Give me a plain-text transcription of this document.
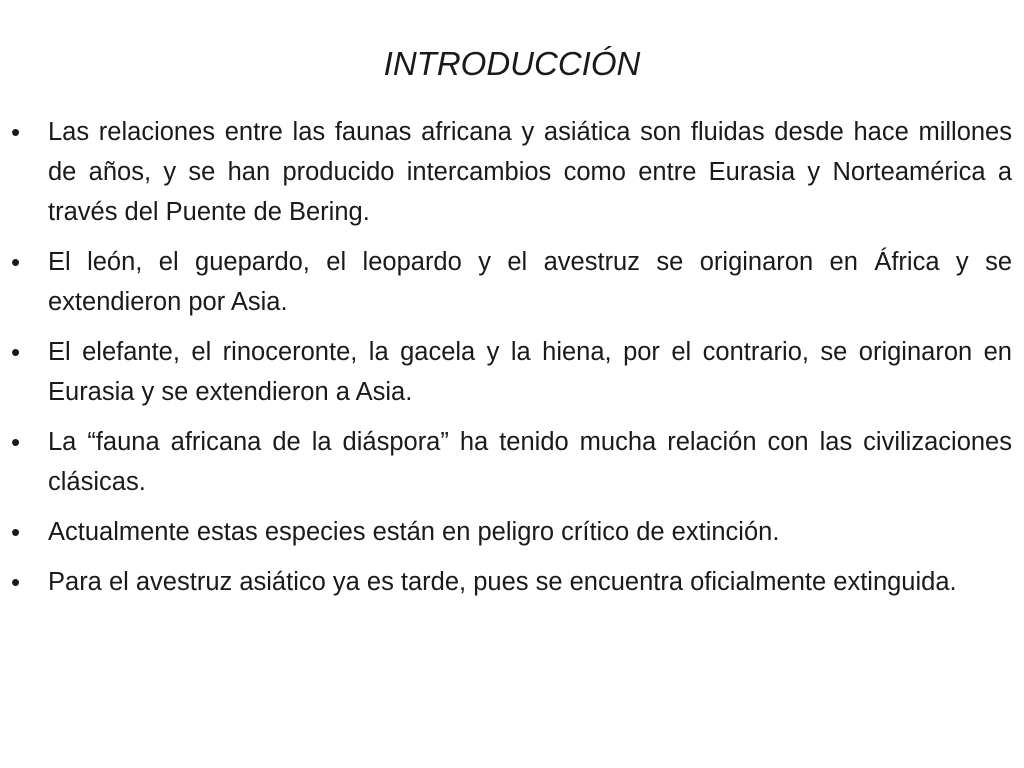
INTRODUCCIÓN
• Las relaciones entre las faunas africana y asiática son fluidas desde hace millones de años, y se han producido intercambios como entre Eurasia y Norteamérica a través del Puente de Bering.
• El león, el guepardo, el leopardo y el avestruz se originaron en África y se extendieron por Asia.
• El elefante, el rinoceronte, la gacela y la hiena, por el contrario, se originaron en Eurasia y se extendieron a Asia.
• La “fauna africana de la diáspora” ha tenido mucha relación con las civilizaciones clásicas.
• Actualmente estas especies están en peligro crítico de extinción.
• Para el avestruz asiático ya es tarde, pues se encuentra oficialmente extinguida.
